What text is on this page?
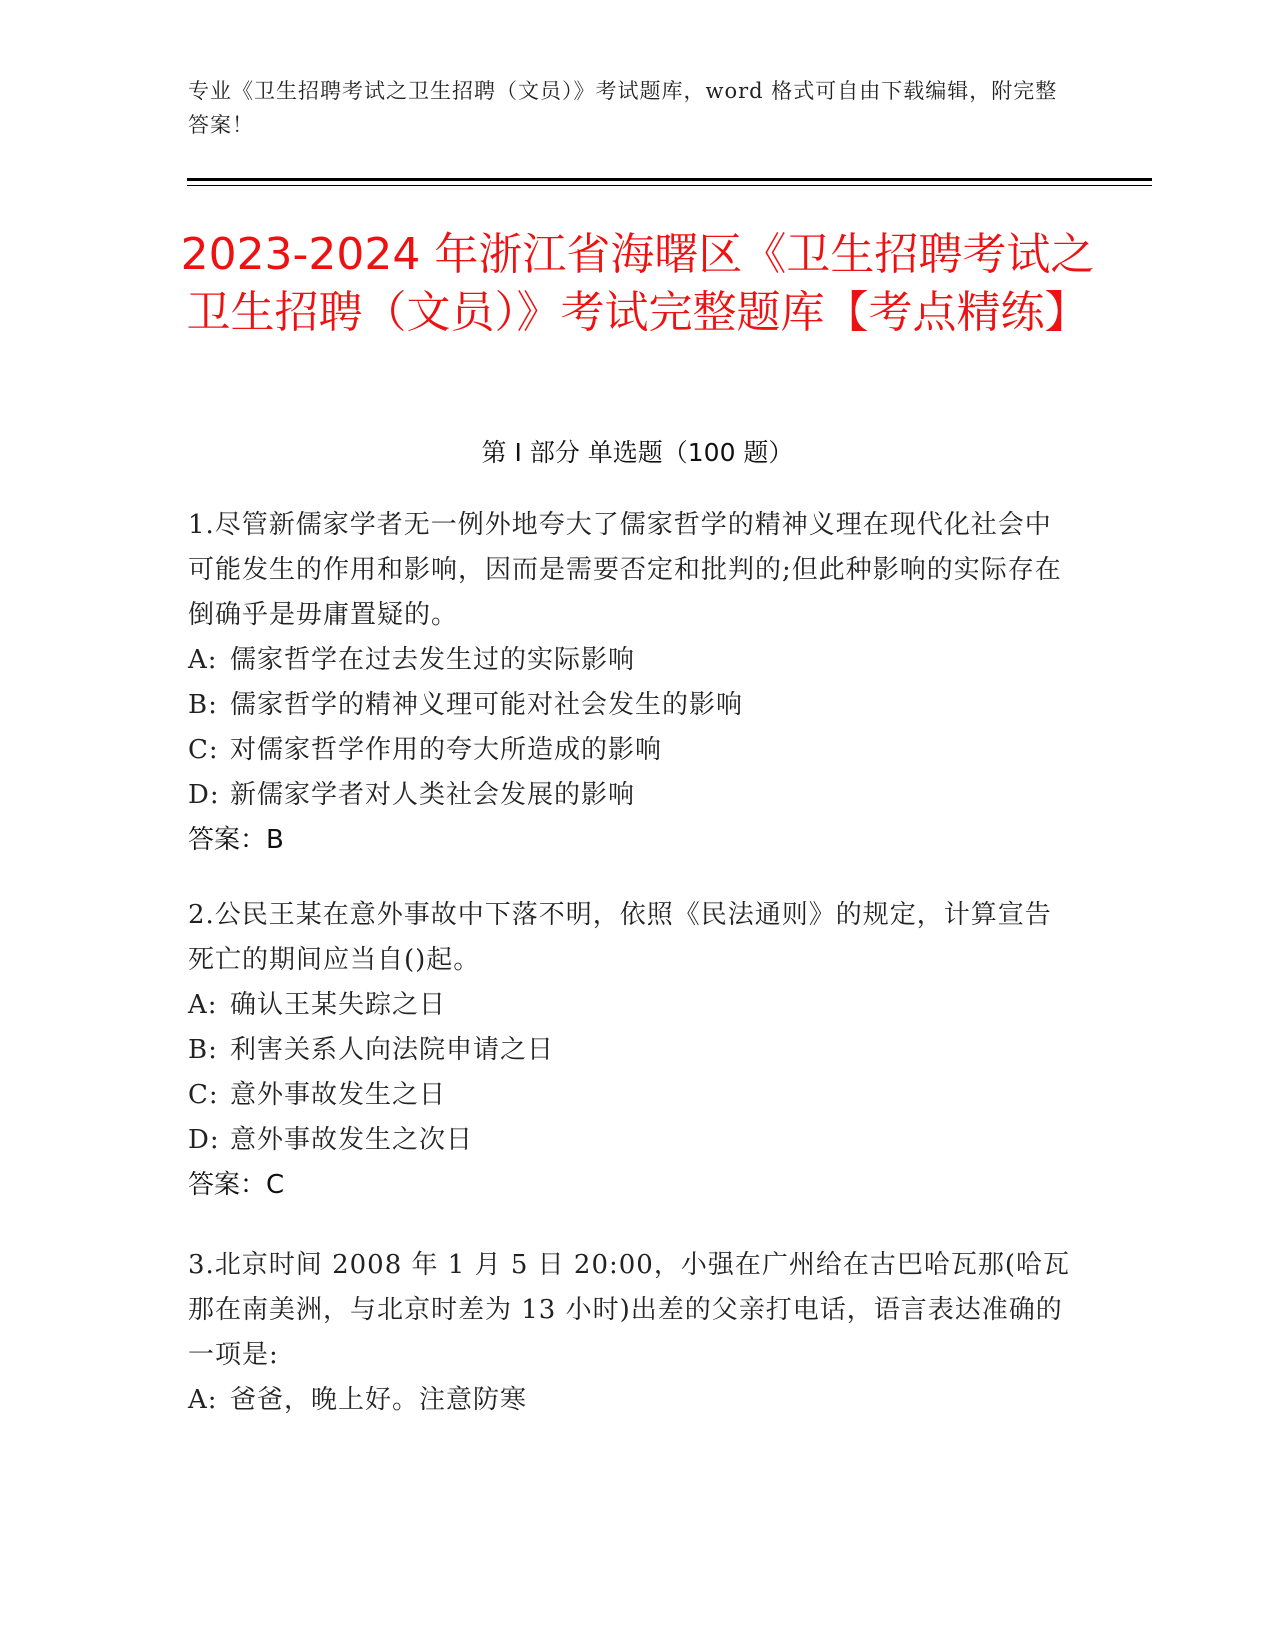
专业《卫生招聘考试之卫生招聘（文员）》考试题库，word 格式可自由下载编辑，附完整答案！
2023-2024 年浙江省海曙区《卫生招聘考试之卫生招聘（文员）》考试完整题库【考点精练】
第 I 部分 单选题（100 题）
1.尽管新儒家学者无一例外地夸大了儒家哲学的精神义理在现代化社会中可能发生的作用和影响，因而是需要否定和批判的;但此种影响的实际存在倒确乎是毋庸置疑的。
A: 儒家哲学在过去发生过的实际影响
B: 儒家哲学的精神义理可能对社会发生的影响
C: 对儒家哲学作用的夸大所造成的影响
D: 新儒家学者对人类社会发展的影响
答案：B
2.公民王某在意外事故中下落不明，依照《民法通则》的规定，计算宣告死亡的期间应当自()起。
A: 确认王某失踪之日
B: 利害关系人向法院申请之日
C: 意外事故发生之日
D: 意外事故发生之次日
答案：C
3.北京时间 2008 年 1 月 5 日 20:00，小强在广州给在古巴哈瓦那(哈瓦那在南美洲，与北京时差为 13 小时)出差的父亲打电话，语言表达准确的一项是:
A: 爸爸，晚上好。注意防寒
